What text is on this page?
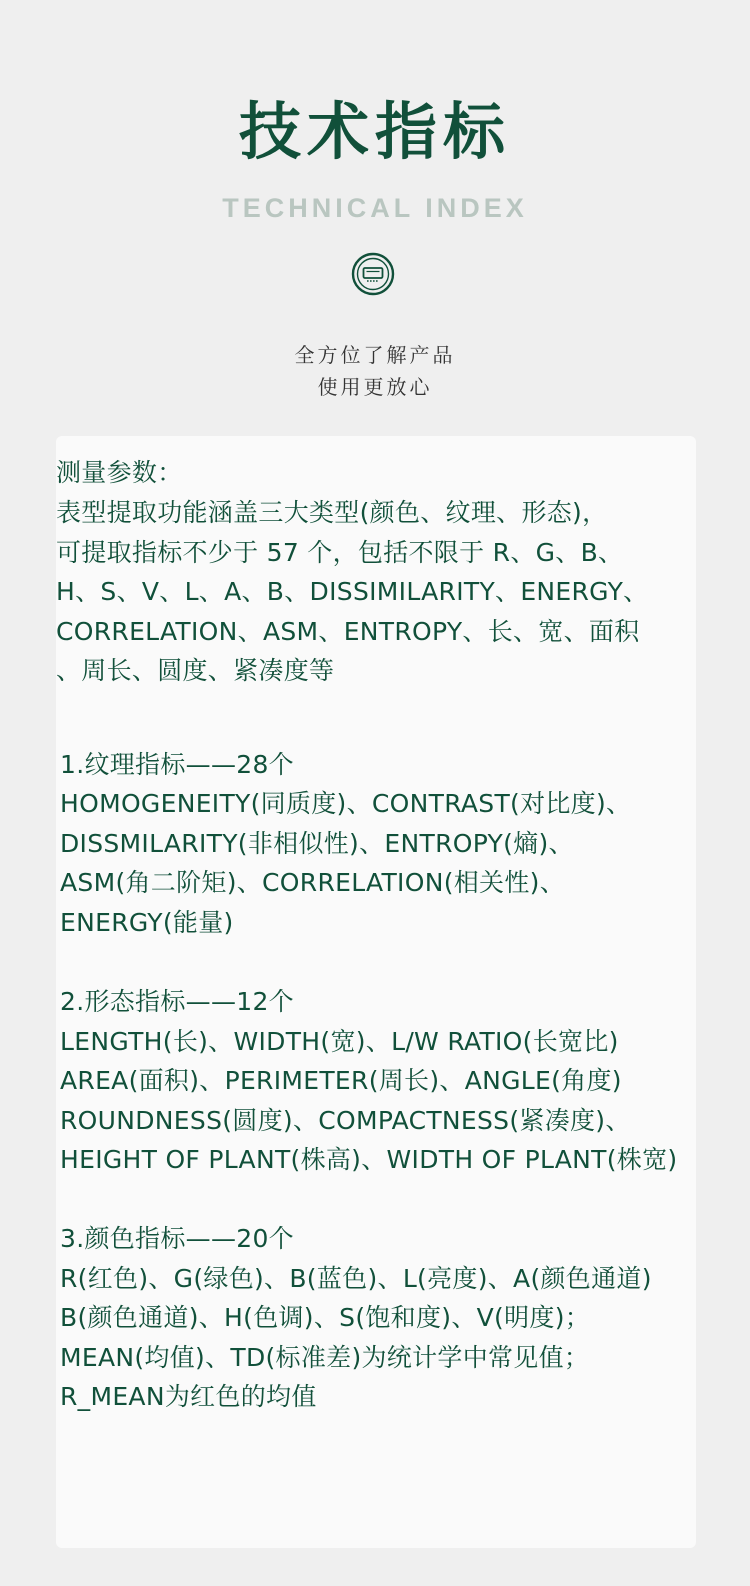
技术指标
TECHNICAL INDEX
全方位了解产品
使用更放心
测量参数：
表型提取功能涵盖三大类型(颜色、纹理、形态)，
可提取指标不少于 57 个，包括不限于 R、G、B、
H、S、V、L、A、B、DISSIMILARITY、ENERGY、
CORRELATION、ASM、ENTROPY、长、宽、面积
、周长、圆度、紧凑度等
1.纹理指标——28个
HOMOGENEITY(同质度)、CONTRAST(对比度)、
DISSMILARITY(非相似性)、ENTROPY(熵)、
ASM(角二阶矩)、CORRELATION(相关性)、
ENERGY(能量)
2.形态指标——12个
LENGTH(长)、WIDTH(宽)、L/W RATIO(长宽比)
AREA(面积)、PERIMETER(周长)、ANGLE(角度)
ROUNDNESS(圆度)、COMPACTNESS(紧凑度)、
HEIGHT OF PLANT(株高)、WIDTH OF PLANT(株宽)
3.颜色指标——20个
R(红色)、G(绿色)、B(蓝色)、L(亮度)、A(颜色通道)
B(颜色通道)、H(色调)、S(饱和度)、V(明度)；
MEAN(均值)、TD(标准差)为统计学中常见值；
R_MEAN为红色的均值
